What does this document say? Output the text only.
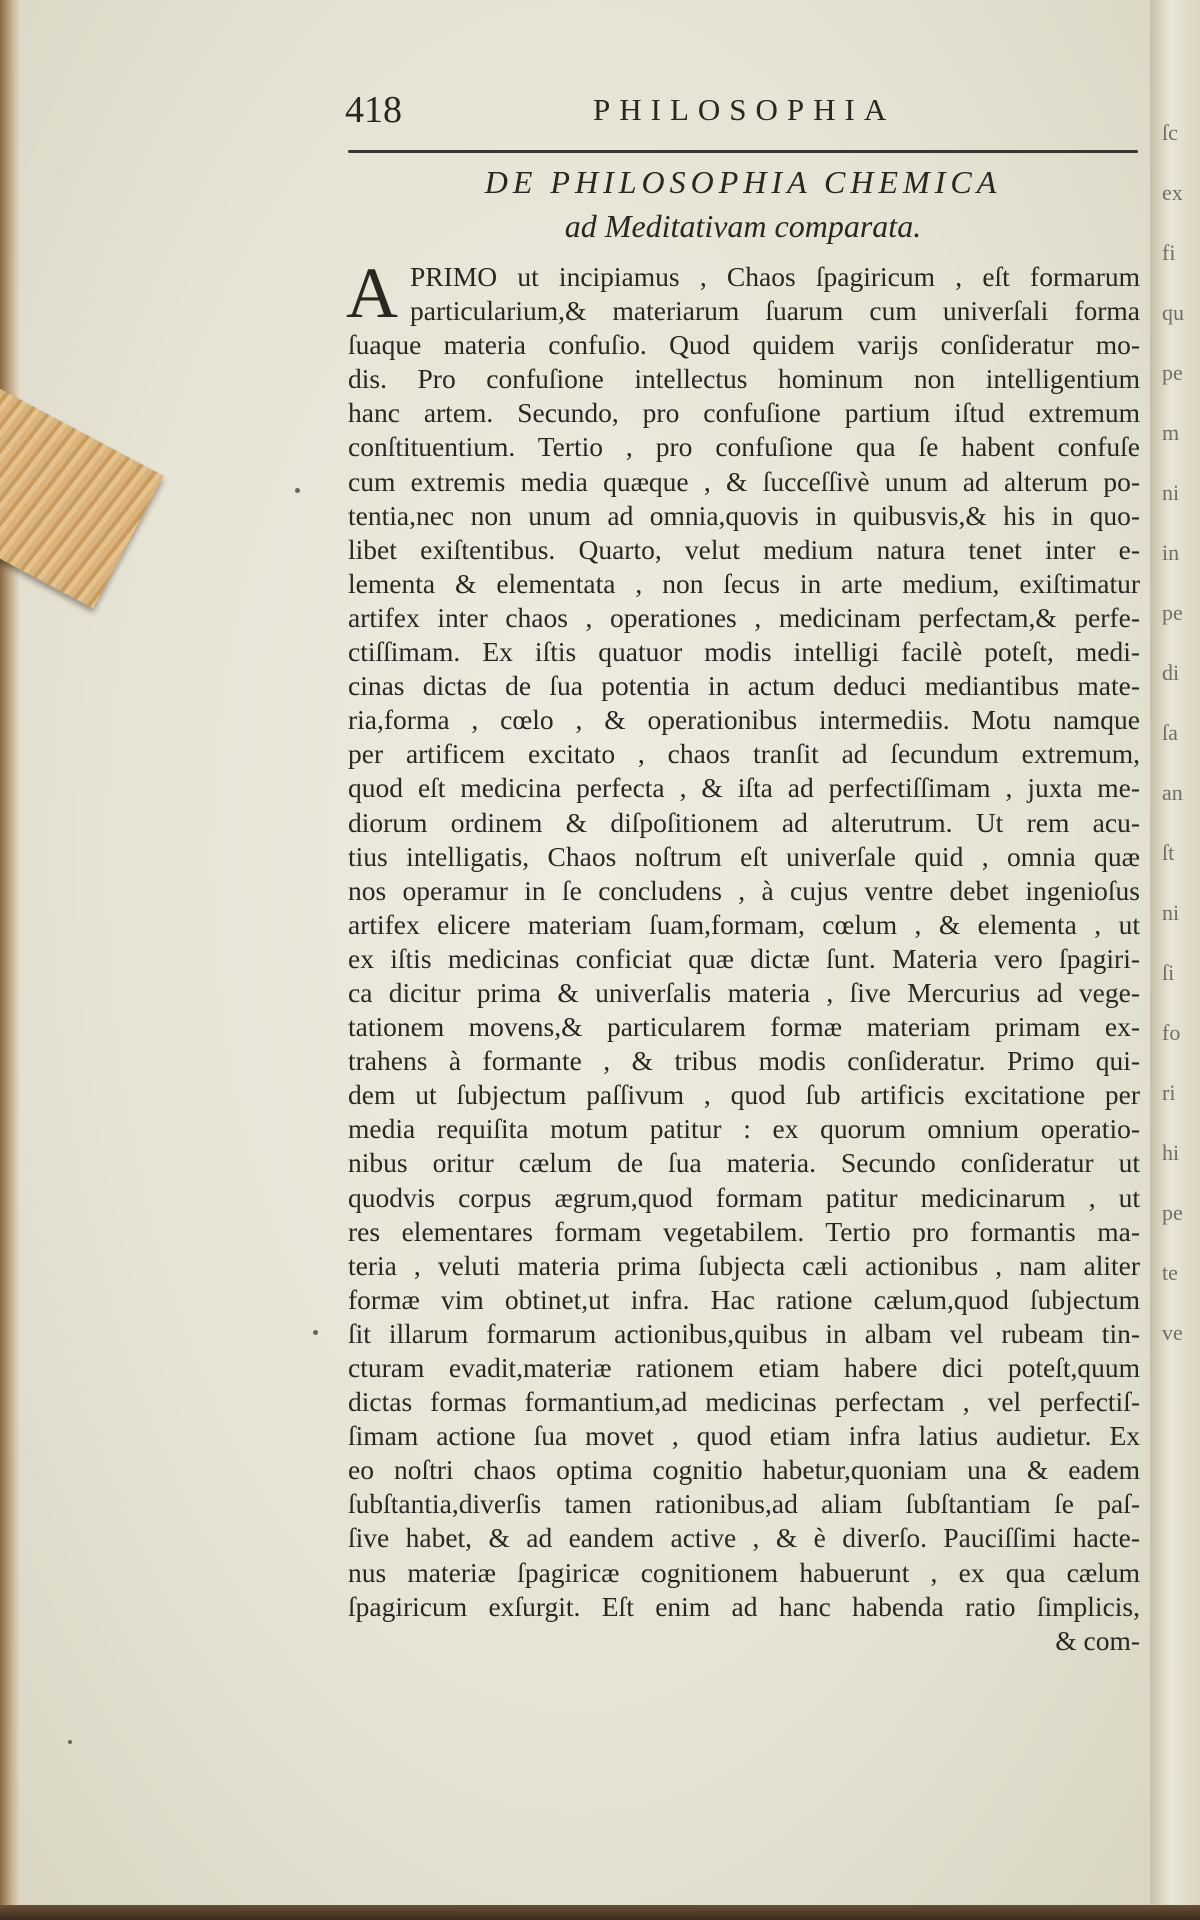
418	PHILOSOPHIA
DE PHILOSOPHIA CHEMICA
ad Meditativam comparata.
A PRIMO ut incipiamus , Chaos ſpagiricum , eſt formarum
particularium,& materiarum ſuarum cum univerſali forma
ſuaque materia confuſio. Quod quidem varijs conſideratur mo-
dis. Pro confuſione intellectus hominum non intelligentium
hanc artem. Secundo, pro confuſione partium iſtud extremum
conſtituentium. Tertio , pro confuſione qua ſe habent confuſe
cum extremis media quæque , & ſucceſſivè unum ad alterum po-
tentia,nec non unum ad omnia,quovis in quibusvis,& his in quo-
libet exiſtentibus. Quarto, velut medium natura tenet inter e-
lementa & elementata , non ſecus in arte medium, exiſtimatur
artifex inter chaos , operationes , medicinam perfectam,& perfe-
ctiſſimam. Ex iſtis quatuor modis intelligi facilè poteſt, medi-
cinas dictas de ſua potentia in actum deduci mediantibus mate-
ria,forma , cœlo , & operationibus intermediis. Motu namque
per artificem excitato , chaos tranſit ad ſecundum extremum,
quod eſt medicina perfecta , & iſta ad perfectiſſimam , juxta me-
diorum ordinem & diſpoſitionem ad alterutrum. Ut rem acu-
tius intelligatis, Chaos noſtrum eſt univerſale quid , omnia quæ
nos operamur in ſe concludens , à cujus ventre debet ingenioſus
artifex elicere materiam ſuam,formam, cœlum , & elementa , ut
ex iſtis medicinas conficiat quæ dictæ ſunt. Materia vero ſpagiri-
ca dicitur prima & univerſalis materia , ſive Mercurius ad vege-
tationem movens,& particularem formæ materiam primam ex-
trahens à formante , & tribus modis conſideratur. Primo qui-
dem ut ſubjectum paſſivum , quod ſub artificis excitatione per
media requiſita motum patitur : ex quorum omnium operatio-
nibus oritur cælum de ſua materia. Secundo conſideratur ut
quodvis corpus ægrum,quod formam patitur medicinarum , ut
res elementares formam vegetabilem. Tertio pro formantis ma-
teria , veluti materia prima ſubjecta cæli actionibus , nam aliter
formæ vim obtinet,ut infra. Hac ratione cælum,quod ſubjectum
ſit illarum formarum actionibus,quibus in albam vel rubeam tin-
cturam evadit,materiæ rationem etiam habere dici poteſt,quum
dictas formas formantium,ad medicinas perfectam , vel perfectiſ-
ſimam actione ſua movet , quod etiam infra latius audietur. Ex
eo noſtri chaos optima cognitio habetur,quoniam una & eadem
ſubſtantia,diverſis tamen rationibus,ad aliam ſubſtantiam ſe paſ-
ſive habet, & ad eandem active , & è diverſo. Pauciſſimi hacte-
nus materiæ ſpagiricæ cognitionem habuerunt , ex qua cælum
ſpagiricum exſurgit. Eſt enim ad hanc habenda ratio ſimplicis,
& com-
ſc
ex
fi
qu
pe
m
ni
in
pe
di
ſa
an
ſt
ni
ſi
fo
ri
hi
pe
te
ve
